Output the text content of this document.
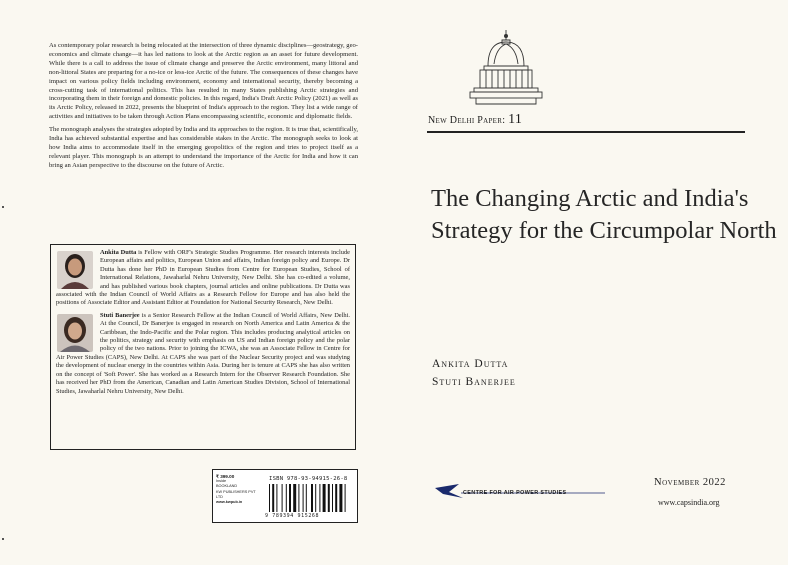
As contemporary polar research is being relocated at the intersection of three dynamic disciplines—geostrategy, geo-economics and climate change—it has led nations to look at the Arctic region as an asset for future development. While there is a call to address the issue of climate change and preserve the Arctic environment, many littoral and non-littoral States are preparing for a no-ice or less-ice Arctic of the future. The consequences of these changes have impact on various policy fields including environment, economy and international security, thereby becoming a cross-cutting task of international politics. This has resulted in many States publishing Arctic strategies and incorporating them in their foreign and domestic policies. In this regard, India's Draft Arctic Policy (2021) as well as its Arctic Policy, released in 2022, presents the blueprint of India's approach to the region. They list a wide range of activities and initiatives to be taken through Action Plans encompassing scientific, economic and diplomatic fields.

The monograph analyses the strategies adopted by India and its approaches to the region. It is true that, scientifically, India has achieved substantial expertise and has considerable stakes in the Arctic. The monograph seeks to look at how India aims to accommodate itself in the emerging geopolitics of the region and tries to project itself as a relevant player. This monograph is an attempt to understand the importance of the Arctic for India and how it can bring an Asian perspective to the discourse on the future of Arctic.

Ankita Dutta is Fellow with ORF's Strategic Studies Programme. Her research interests include European affairs and politics, European Union and affairs, Indian foreign policy and Europe. Dr Dutta has done her PhD in European Studies from Centre for European Studies, School of International Relations, Jawaharlal Nehru University, New Delhi. She has co-edited a volume, and has published various book chapters, journal articles and online publications. Dr Dutta was associated with the Indian Council of World Affairs as a Research Fellow for Europe and has also held the positions of Associate Editor and Assistant Editor at Foundation for National Security Research, New Delhi.
Stuti Banerjee is a Senior Research Fellow at the Indian Council of World Affairs, New Delhi. At the Council, Dr Banerjee is engaged in research on North America and Latin America & the Caribbean, the Indo-Pacific and the Polar region. This includes producing analytical articles on the politics, strategy and security with emphasis on US and Indian foreign policy and the polar policy of the two nations. Prior to joining the ICWA, she was an Associate Fellow in Centre for Air Power Studies (CAPS), New Delhi. At CAPS she was part of the Nuclear Security project and was studying the development of nuclear energy in the countries within Asia. During her is tenure at CAPS she has also written on the concept of 'Soft Power'. She has worked as a Research Intern for the Observer Research Foundation. She has received her PhD from the American, Canadian and Latin American Studies Division, School of International Studies, Jawaharlal Nehru University, New Delhi.
₹ 399.00
Inside
BOOKLAND
KW PUBLISHERS PVT LTD
www.kwpub.in
ISBN 978-93-94915-26-8
9 789394 915268
New Delhi Paper: 11
The Changing Arctic and India's Strategy for the Circumpolar North
Ankita Dutta
Stuti Banerjee
November 2022
CENTRE FOR AIR POWER STUDIES
www.capsindia.org
